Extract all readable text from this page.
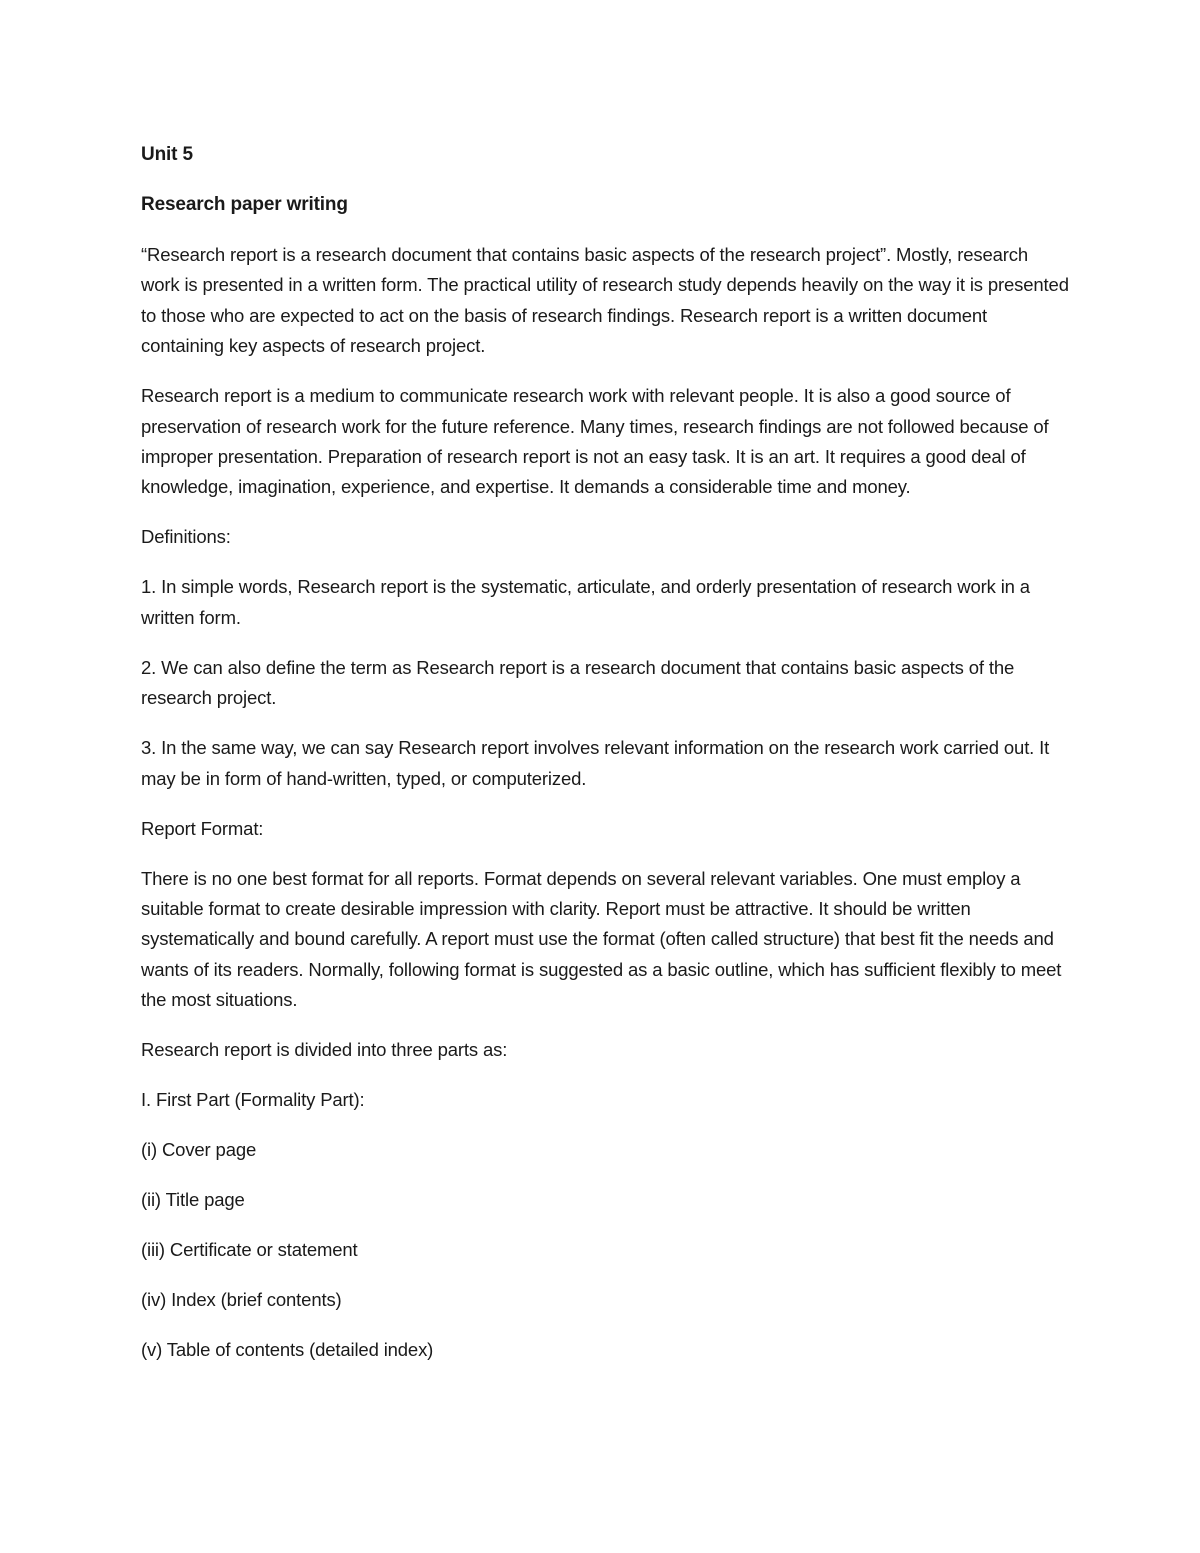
Unit 5

Research paper writing

“Research report is a research document that contains basic aspects of the research project”. Mostly, research work is presented in a written form. The practical utility of research study depends heavily on the way it is presented to those who are expected to act on the basis of research findings. Research report is a written document containing key aspects of research project.

Research report is a medium to communicate research work with relevant people. It is also a good source of preservation of research work for the future reference. Many times, research findings are not followed because of improper presentation. Preparation of research report is not an easy task. It is an art. It requires a good deal of knowledge, imagination, experience, and expertise. It demands a considerable time and money.

Definitions:

1. In simple words, Research report is the systematic, articulate, and orderly presentation of research work in a written form.

2. We can also define the term as Research report is a research document that contains basic aspects of the research project.

3. In the same way, we can say Research report involves relevant information on the research work carried out. It may be in form of hand-written, typed, or computerized.

Report Format:

There is no one best format for all reports. Format depends on several relevant variables. One must employ a suitable format to create desirable impression with clarity. Report must be attractive. It should be written systematically and bound carefully. A report must use the format (often called structure) that best fit the needs and wants of its readers. Normally, following format is suggested as a basic outline, which has sufficient flexibly to meet the most situations.

Research report is divided into three parts as:

I. First Part (Formality Part):

(i) Cover page

(ii) Title page

(iii) Certificate or statement

(iv) Index (brief contents)

(v) Table of contents (detailed index)
